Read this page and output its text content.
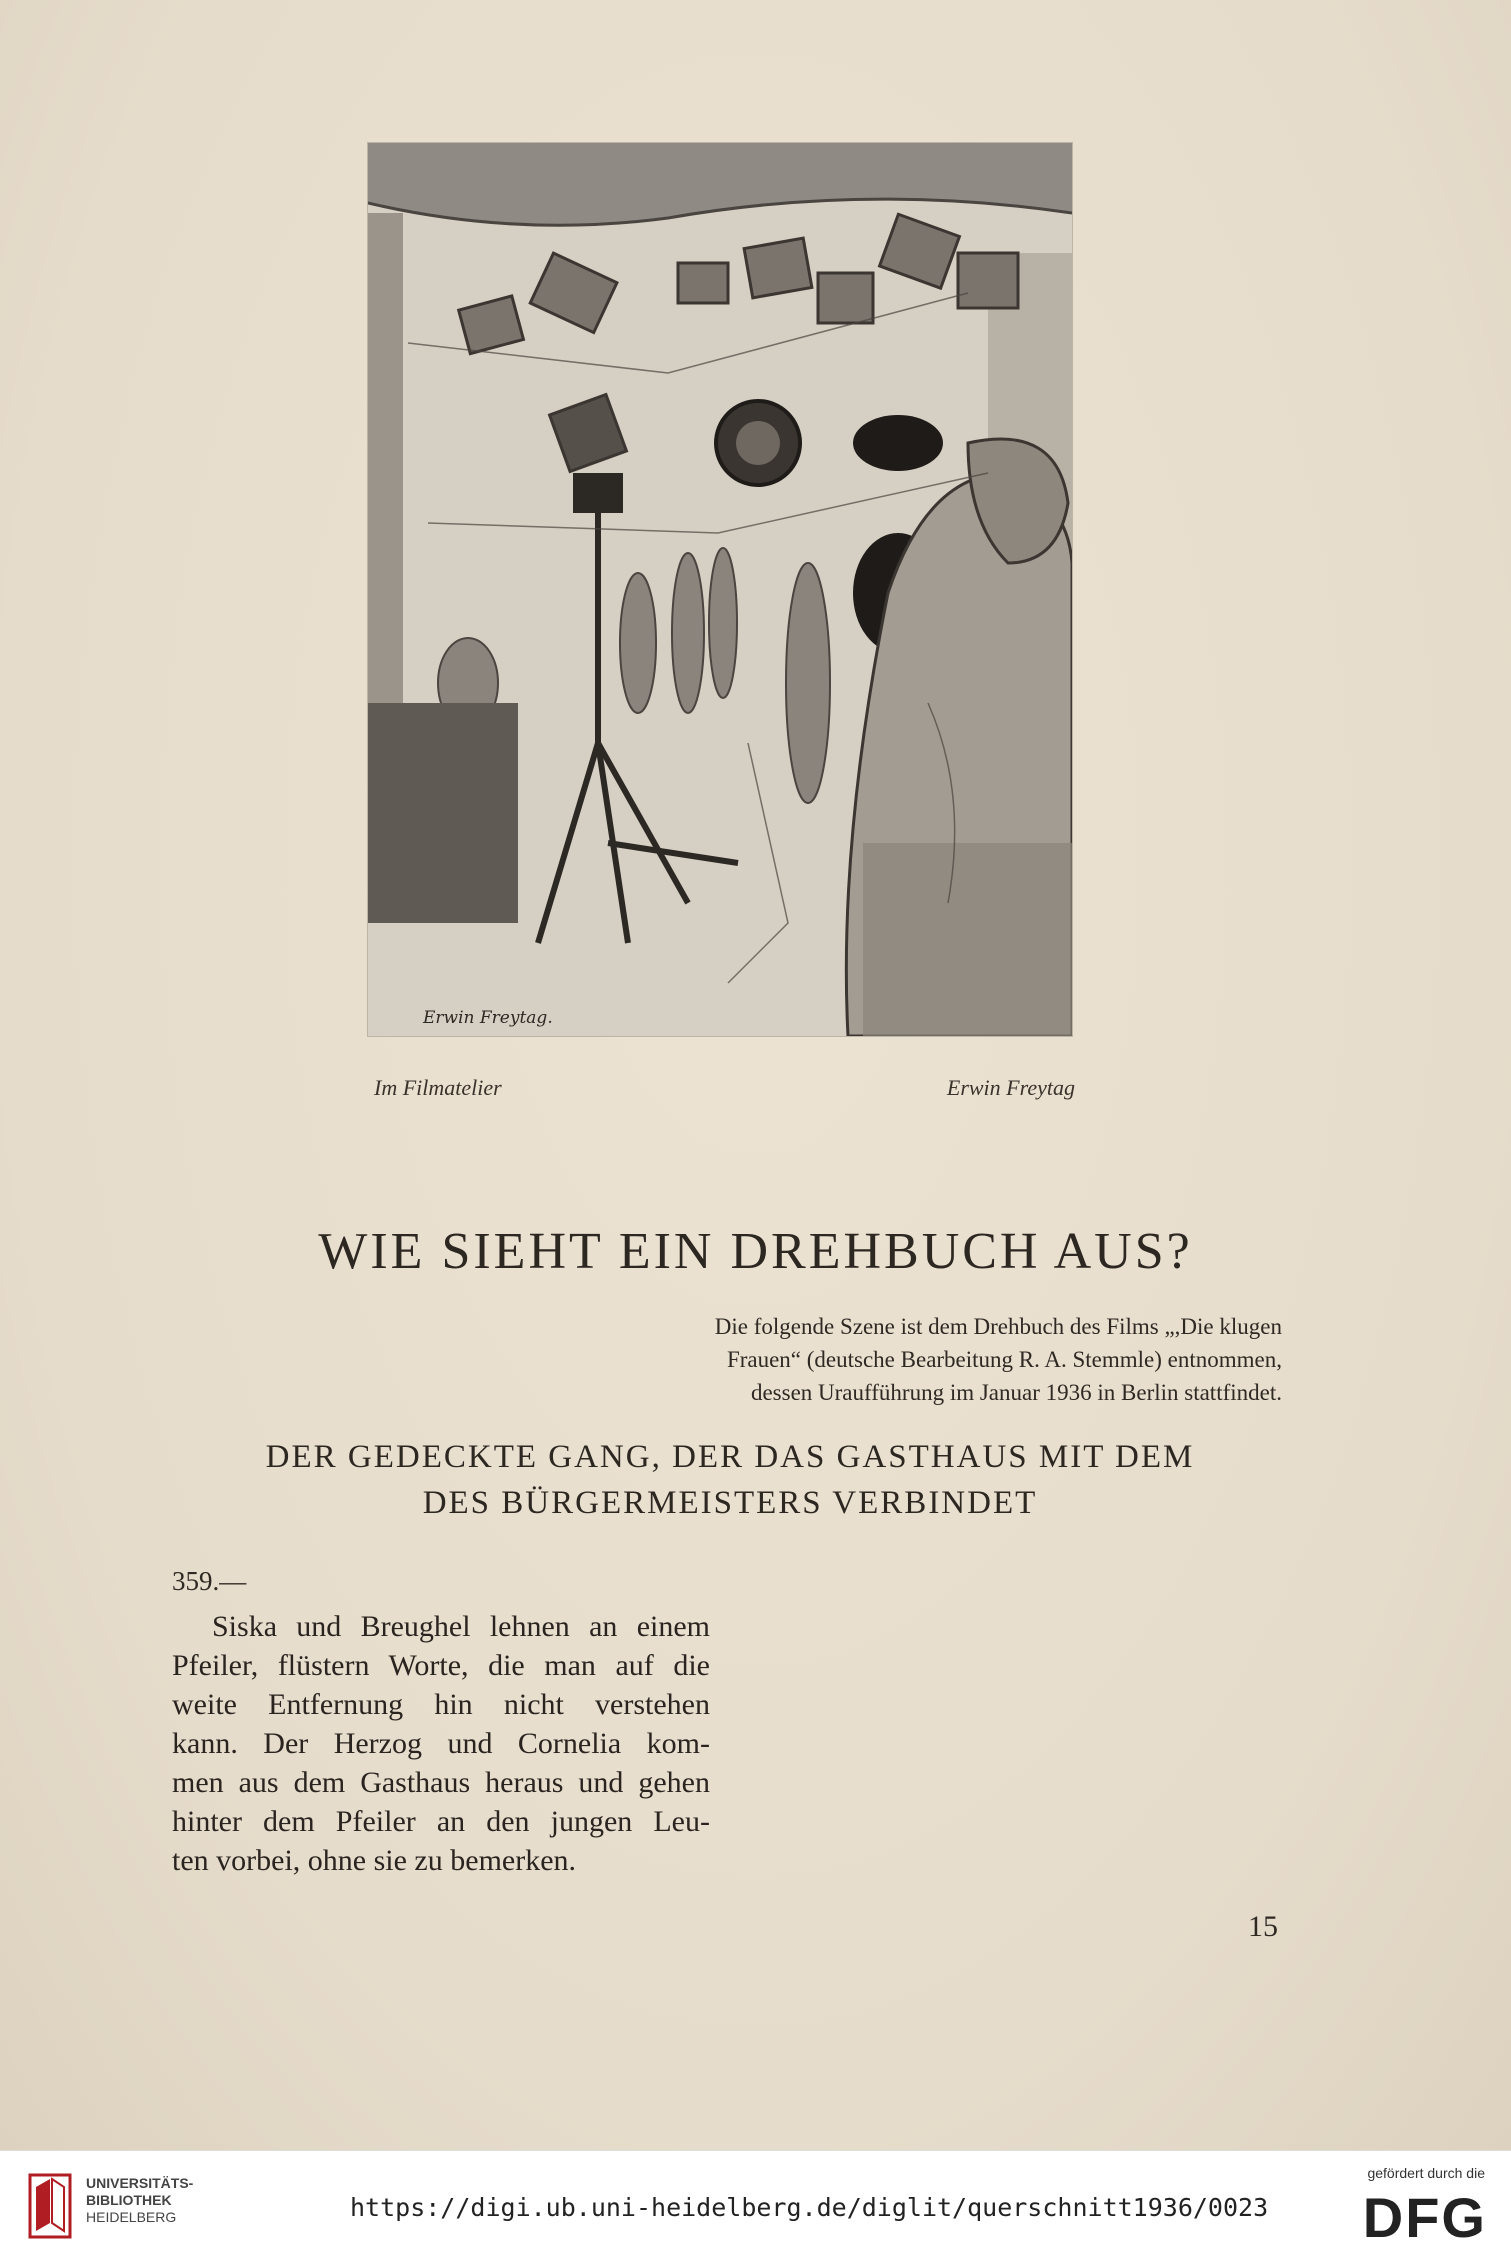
Erwin Freytag.
Im Filmatelier	Erwin Freytag
WIE SIEHT EIN DREHBUCH AUS?
Die folgende Szene ist dem Drehbuch des Films „,Die klugen
Frauen“ (deutsche Bearbeitung R. A. Stemmle) entnommen,
dessen Uraufführung im Januar 1936 in Berlin stattfindet.
DER GEDECKTE GANG, DER DAS GASTHAUS MIT DEM
DES BÜRGERMEISTERS VERBINDET
359.—
Siska und Breughel lehnen an einem
Pfeiler, flüstern Worte, die man auf die
weite Entfernung hin nicht verstehen
kann. Der Herzog und Cornelia kom-
men aus dem Gasthaus heraus und gehen
hinter dem Pfeiler an den jungen Leu-
ten vorbei, ohne sie zu bemerken.
15
UNIVERSITÄTS-
BIBLIOTHEK
HEIDELBERG	https://digi.ub.uni-heidelberg.de/diglit/querschnitt1936/0023
gefördert durch die
DFG
